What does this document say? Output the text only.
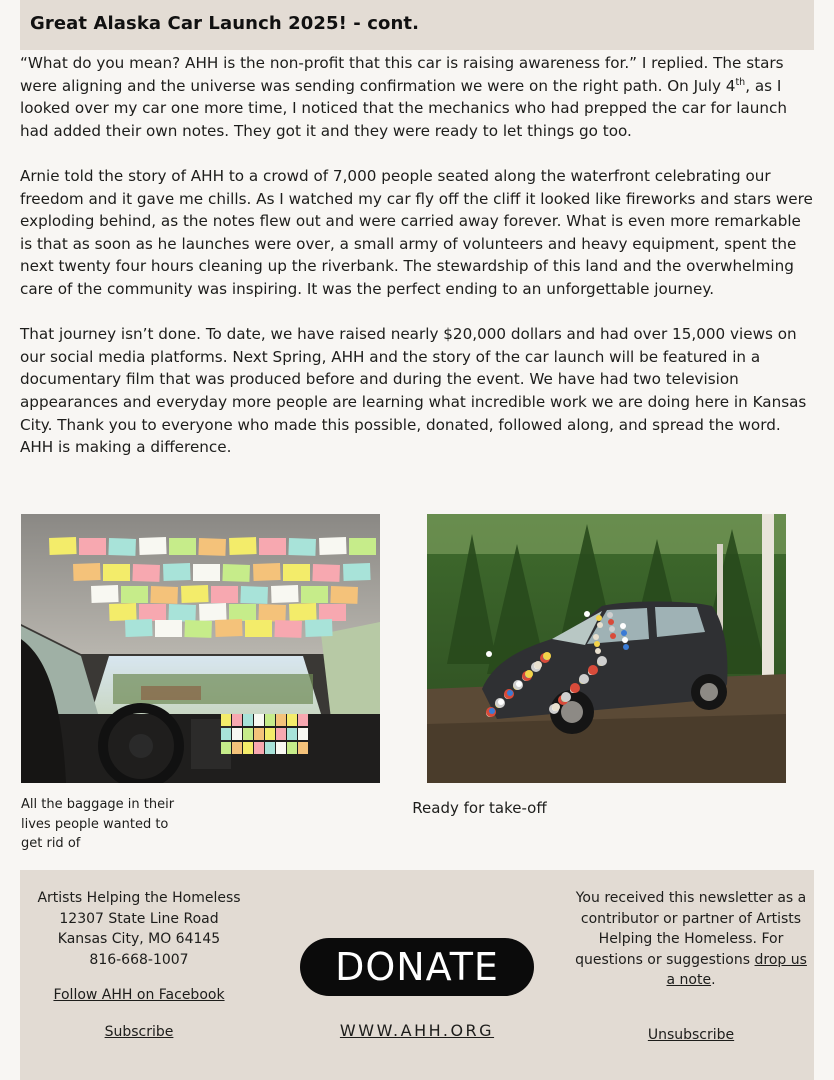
Great Alaska Car Launch 2025! - cont.

“What do you mean? AHH is the non-profit that this car is raising awareness for.” I replied. The stars were aligning and the universe was sending confirmation we were on the right path. On July 4th, as I looked over my car one more time, I noticed that the mechanics who had prepped the car for launch had added their own notes. They got it and they were ready to let things go too.

Arnie told the story of AHH to a crowd of 7,000 people seated along the waterfront celebrating our freedom and it gave me chills. As I watched my car fly off the cliff it looked like fireworks and stars were exploding behind, as the notes flew out and were carried away forever. What is even more remarkable is that as soon as he launches were over, a small army of volunteers and heavy equipment, spent the next twenty four hours cleaning up the riverbank. The stewardship of this land and the overwhelming care of the community was inspiring. It was the perfect ending to an unforgettable journey.

That journey isn’t done. To date, we have raised nearly $20,000 dollars and had over 15,000 views on our social media platforms. Next Spring, AHH and the story of the car launch will be featured in a documentary film that was produced before and during the event. We have had two television appearances and everyday more people are learning what incredible work we are doing here in Kansas City. Thank you to everyone who made this possible, donated, followed along, and spread the word. AHH is making a difference.

All the baggage in their lives people wanted to get rid of
Ready for take-off
Artists Helping the Homeless
12307 State Line Road
Kansas City, MO 64145
816-668-1007
Follow AHH on Facebook
Subscribe
DONATE
WWW.AHH.ORG
You received this newsletter as a contributor or partner of Artists Helping the Homeless. For questions or suggestions drop us a note.
Unsubscribe
